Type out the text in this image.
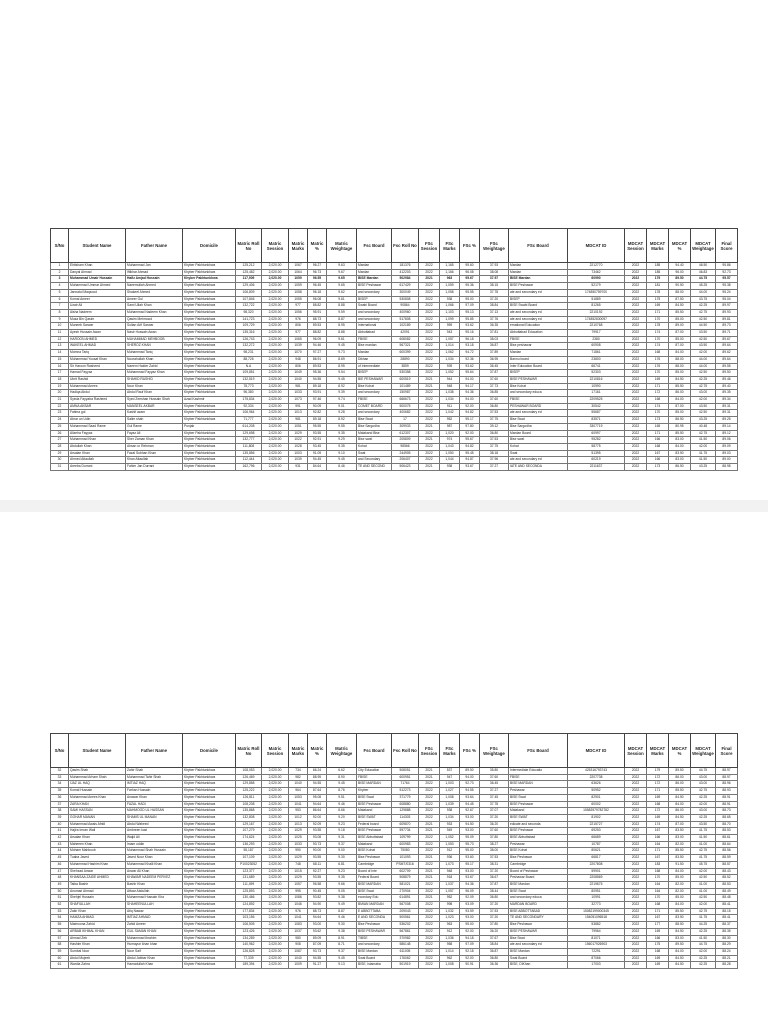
S/No	Student Name	Father Name	Domicile	Matric Roll No	Matric Session	Matric Marks	Matric %	Matric Weightage	Fsc Board	Fsc Roll No	FSc Session	FSc Marks	FSc %	FSc Weightage	FSc Board	MDCAT ID	MDCAT Session	MDCAT Marks	MDCAT %	MDCAT Weightage	Final Score
1	Ehtisham Khan	Muhammad Jan	Khyber Pakhtunkhwa	125,212	2,020.00	1067	96.27	9.63	Mardan	181376	2022	1,165	95.60	37.93	Mardan	2212770	2022	185	94.40	46.50	95.86
2	Danyal Ahmad	Iftikhar Ahmad	Khyber Pakhtunkhwa	125,482	2,020.00	1064	96.73	9.67	Mardan	412203	2022	1,166	96.08	38.08	Mardan	73462	2022	185	96.00	46.83	92.73
3	Muhammad Umair Hussain	Hafiz Amjad Hussain	Khyber Pakhtunkhwa	117,909	2,020.00	1059	96.55	9.65	BISE Mardan	502984	2021	963	95.67	37.97	BISE Mardan	60990	2022	179	89.50	44.75	95.57
4	Muhammad Ummar Ahmed	Naeemullah Ahmed	Khyber Pakhtunkhwa	129,406	2,020.00	1059	96.45	9.65	BISE Peshawar	617429	2022	1,059	95.36	38.15	BISE Peshawar	52179	2022	181	90.50	45.25	95.38
5	Jannatul Maqsood	Shakeel Ahmed	Khyber Pakhtunkhwa	106,809	2,020.00	1058	96.18	9.62	and secondary	300049	2022	1,058	95.55	37.78	ate and secondary ed	174850759700	2022	178	88.00	44.00	95.24
6	Komal Ameer	Ameer Gul	Khyber Pakhtunkhwa	107,846	2,020.00	1055	96.08	9.61	BISEP	530808	2022	938	95.00	37.20	BISEP	51889	2022	175	87.50	43.75	95.04
7	Uzair Ali	Sami Ullah Khan	Khyber Pakhtunkhwa	132,722	2,020.00	977	88.82	8.88	Swabi Board	90864	2022	1,066	97.09	38.84	BISE Swabi Board	81265	2022	169	84.50	42.25	89.97
8	Aisha Nadeem	Muhammad Nadeem Khan	Khyber Pakhtunkhwa	98,320	2,020.00	1056	95.91	9.59	and secondary	400960	2022	1,103	95.13	37.13	ate and secondary ed	2210192	2022	171	85.50	42.75	89.93
9	Musa Bin Qasim	Qasim Mehmood	Khyber Pakhtunkhwa	141,723	2,020.00	976	88.73	8.87	and secondary	517808	2022	1,099	95.85	37.76	ate and secondary ed	174852830097	2022	170	85.00	42.50	89.81
10	Muneeb Sarwar	Sultan Arif Sarwar	Khyber Pakhtunkhwa	109,729	2,020.00	806	89.53	8.95	International	102189	2022	959	93.62	36.35	ernational Education	2210768	2022	178	89.00	44.50	89.73
11	Ayesh Hussain Awan	Nasir Hussain Awan	Khyber Pakhtunkhwa	135,316	2,020.00	977	88.82	8.88	Abbottabad	42091	2022	943	95.16	37.81	Abbottabad Education	79917	2022	174	87.00	43.50	89.71
12	HAROON AHMED	MUHAMMAD MEHBOOB	Khyber Pakhtunkhwa	126,743	2,020.00	1065	96.09	9.61	FBISE	608082	2022	1,057	96.18	38.03	FBISE	2380	2022	170	85.00	42.50	89.67
13	WAKEEL AHMAD	SHEROZ KHAN	Khyber Pakhtunkhwa	132,272	2,020.00	1039	94.46	9.45	Bise mardan	567321	2022	1,014	93.18	36.87	Bise peshawar	60908	2022	174	87.00	43.50	89.64
14	Momna Tariq	Muhammad Tariq	Khyber Pakhtunkhwa	98,231	2,020.00	1070	97.27	9.73	Mardan	600399	2022	1,062	94.72	37.89	Mardan	71861	2022	168	84.00	42.00	89.62
15	Muhammad Yousaf Khan	Noorahullah Khan	Khyber Pakhtunkhwa	88,726	2,020.00	948	86.91	8.69	Dikhan	28890	2022	1,034	92.36	36.95	Bannu board	23800	2022	176	88.00	44.00	89.64
16	Sir Haroon Rasheed	Naeem Haider Zahid	Khyber Pakhtunkhwa	N.A	2,020.00	806	89.53	8.95	of Intermediate	3859	2022	939	93.62	36.45	Inter Education Board	66741	2022	176	88.00	44.00	89.55
17	Hamad Fayyaz	Muhammad Fayyaz Khan	Khyber Pakhtunkhwa	109,851	2,020.00	1049	95.36	9.54	BISEP	530358	2022	1,052	95.64	37.87	BISEP	52303	2022	170	85.00	42.50	89.50
18	Ubrit Rashid	SHAHID RASHID	Khyber Pakhtunkhwa	132,519	2,020.00	1040	94.55	9.45	BIE PESHAWAR	600519	2021	944	94.00	37.60	BISE PESHAWAR	2210816	2022	169	84.50	42.25	89.46
19	Muhammad Anees	Noor Khan	Khyber Pakhtunkhwa	78,773	2,020.00	981	89.18	8.92	Bise Kohat	101489	2021	948	94.17	37.73	Bise Kohat	10990	2022	171	85.50	42.75	89.40
20	Hadiqa Abdul	Abdul Rauf Khan	Khyber Pakhtunkhwa	96,380	2,020.00	1033	93.91	9.39	and secondary	150987	2022	1,038	94.36	36.85	and secondary educa	17161	2022	172	86.00	43.00	89.35
21	Syeda Fayyaba Rasheed	Syed Zeeshan Hussain Shah	Azad Kashmir	175,834	2,020.00	1073	97.46	9.74	FBISE	666673	2022	1,034	94.00	37.60	FBISE	2209525	2022	168	84.00	42.00	89.34
22	AMNA AKBAR	MANSEEL AKBAR	Khyber Pakhtunkhwa	92,334	2,020.00	991	90.09	9.01	COMET BOARD	500075	2022	911	92.00	36.80	PESHAWAR BOARD	30542	2022	174	87.00	43.50	89.31
23	Fatima gul	Kashif azam	Khyber Pakhtunkhwa	106,964	2,020.00	1013	92.82	9.28	and secondary	400682	2022	1,042	94.82	37.53	ate and secondary ed	55687	2022	170	85.00	42.50	89.31
24	Abrar un Udin	Salim shah	Khyber Pakhtunkhwa	71,777	2,020.00	981	89.18	8.92	Bise Swat	17	2022	952	95.17	37.75	Bise Swat	83571	2022	173	86.50	43.25	89.25
25	Muhammad Saad Rame	Gul Rame	Punjab	614,208	2,020.00	1051	95.55	9.55	Bise Sargodha	309933	2021	987	97.80	39.12	Bise Sargodha	3307719	2022	165	80.95	40.48	89.14
26	Alizeha Fayyaz	Fayaz Ali	Khyber Pakhtunkhwa	129,698	2,020.00	1029	93.55	9.35	Malakand Bise	612307	2022	1,020	92.00	36.80	Mardan Board	60997	2022	171	85.50	42.75	89.12
27	Muhammad Khan	Sher Zaman Khan	Khyber Pakhtunkhwa	132,777	2,020.00	1022	92.91	9.29	Bise swat	205809	2021	974	95.67	37.53	Bise swat	95282	2022	166	83.00	41.50	89.06
28	Abdullah Khan	Ahsan ur Rehman	Khyber Pakhtunkhwa	111,808	2,020.00	1028	93.45	9.35	Kohat	98566	2022	1,043	94.82	37.75	Kohat	58775	2022	168	84.00	42.00	89.09
29	Arsalan Khan	Fazal Subhan Khan	Khyber Pakhtunkhwa	135,856	2,020.00	1003	91.09	9.10	Swat	244905	2022	1,050	95.45	38.18	Swat	51395	2022	167	83.50	41.75	89.03
30	Ahmed Attaullah	Khan Attaullah	Khyber Pakhtunkhwa	112,444	2,020.00	1039	94.45	9.45	and Secondary	206407	2022	1,044	94.87	37.96	ate and secondary ed	60219	2022	166	83.00	41.50	89.00
31	Areeba Durrani	Fahim Jan Durrani	Khyber Pakhtunkhwa	162,796	2,020.00	931	84.64	8.46	TE AND SECOND	506423	2021	938	93.67	37.27	IATE AND SECONDA	2211637	2022	173	86.50	43.25	88.98
S/No	Student Name	Father Name	Domicile	Matric Roll No	Matric Session	Matric Marks	Matric %	Matric Weightage	Fsc Board	Fsc Roll No	FSc Session	FSc Marks	FSc %	FSc Weightage	FSc Board	MDCAT ID	MDCAT Session	MDCAT Marks	MDCAT %	MDCAT Weightage	Final Score
32	Qasim Shah	Zahir Shah	Khyber Pakhtunkhwa	108,053	2,020.00	734	66.24	6.62	City Education	508051	2021	537	89.50	35.80	Intermediate Educatio	425316793743	2022	179	89.50	44.75	88.97
33	Muhammad Arham Shah	Muhammad Tahir Shah	Khyber Pakhtunkhwa	126,469	2,020.00	982	88.95	8.90	FBISE	600951	2021	947	94.00	37.60	FBISE	2207738	2022	172	86.00	43.00	88.97
34	IJAZ UL HAQ	IMTIAZ HAQ	Khyber Pakhtunkhwa	129,858	2,020.00	1040	94.55	9.45	BISE MARDAN	71764	2022	1,003	92.73	36.45	BISE MARDAN	63626	2022	172	86.00	43.00	88.96
35	Komal Hussain	Farhan Hussain	Khyber Pakhtunkhwa	125,222	2,020.00	964	87.64	8.76	Khyber	512273	2022	1,027	94.55	37.27	Peshawar	50952	2022	171	85.50	42.75	88.93
36	Muhammad Anees Khan	Anawar Khan	Khyber Pakhtunkhwa	126,811	2,020.00	1053	95.08	9.51	BISE Swat	371779	2022	1,008	93.64	37.45	BISE Swat	82901	2022	169	84.50	42.25	88.91
37	ZARA KHAN	FAZAL HADI	Khyber Pakhtunkhwa	108,208	2,020.00	1041	94.64	9.46	BISE Peshawar	608880	2022	1,039	94.45	37.78	BISE Peshawar	60002	2022	168	84.00	42.00	88.91
38	SAMI HASSAN	MAHMOOD UL HASSAN	Khyber Pakhtunkhwa	135,868	2,020.00	953	86.64	8.66	Malakand	129888	2022	938	92.67	37.07	Malakand	15583979782782	2022	172	86.00	43.00	88.73
39	GOHAR MANAN	SHAMS UL MANAN	Khyber Pakhtunkhwa	132,808	2,020.00	1012	92.00	9.20	BISE SWAT	114303	2022	1,034	93.00	37.20	BISE SWAT	81902	2022	169	84.50	42.25	88.65
40	Muhammad Awais Afridi	Abdul Waheed	Khyber Pakhtunkhwa	129,167	2,020.00	1013	92.09	9.23	Federal board	609870	2021	933	94.50	36.20	edicate and seconda	2215727	2022	174	87.00	43.50	88.70
41	Hajira Imran Wali	Ambreen kazi	Khyber Pakhtunkhwa	107,279	2,020.00	1029	93.55	9.18	BISE Peshawar	597734	2021	949	93.00	37.60	BISE Peshawar	69253	2022	167	83.50	41.75	88.53
42	Arsalan Khan	Wajid Ali	Khyber Pakhtunkhwa	174,624	2,020.00	1025	93.08	9.31	BISE Abbottabad	109799	2022	1,052	95.09	37.80	BISE Abbottabad	66689	2022	166	83.00	41.50	88.61
43	Maheeen Khan	Imam uddin	Khyber Pakhtunkhwa	136,293	2,020.00	1033	93.73	9.37	Malakand	600983	2022	1,053	95.73	38.27	Peshawar	10787	2022	164	82.00	41.00	88.64
44	Moham Mahboob	Muhammad Shah Hussain	Khyber Pakhtunkhwa	55,187	2,020.00	990	90.00	9.00	BISE Kohat	75080	2022	912	95.00	38.00	BISE Kohat	80621	2022	171	85.50	42.75	88.56
45	Tuaba Javed	Javed Noor Khan	Khyber Pakhtunkhwa	107,109	2,020.00	1029	93.55	9.30	Bise Peshawar	101093	2021	936	93.60	37.53	Bise Peshawar	66817	2022	167	83.50	41.75	88.59
46	Muhammad Hashim Khan	Muhammad Khalil Khan	Khyber Pakhtunkhwa	P10023052	2,020.00	748	68.11	6.81	Cambridge	PSMT/0316	2022	1,073	95.17	38.31	Cambridge	2207808	2022	183	91.50	45.75	88.57
47	Shehzad Anwar	Anwar Ali Khan	Khyber Pakhtunkhwa	123,377	2,020.00	1015	92.27	9.23	Board of Inte	602709	2021	948	93.00	37.20	Board of Peshawar	59901	2022	168	84.00	42.00	88.43
48	KHANSAA ZAIDE AHMED	KHAWAR NADEEM PERVEZ	Khyber Pakhtunkhwa	131,689	2,020.00	1029	93.55	9.35	Federal Board	508879	2021	918	93.67	36.67	Peshawar Board	2208569	2022	170	85.00	42.50	88.52
49	Taiba Bashir	Bashir Khan	Khyber Pakhtunkhwa	111,499	2,020.00	1057	96.58	9.66	BISE MARDAN	581021	2022	1,037	94.36	37.87	BISE Mardan	2219675	2022	164	82.00	41.00	88.53
50	Anumari Ahmad	Aftaar Abdullah	Khyber Pakhtunkhwa	125,893	2,020.00	995	90.45	9.05	BISE Swat	270904	2022	1,057	96.09	38.44	BISE Swat	80951	2022	164	82.00	41.00	88.49
51	Shehjel Hussain	Muhammad Hussain Kha	Khyber Pakhtunkhwa	130,466	2,020.00	1086	93.82	9.38	econdary Edu	614891	2021	952	92.09	36.80	and secondary educa	10991	2022	170	85.00	42.50	88.48
52	SHAFIULLAH	SHAHEENULLAH	Khyber Pakhtunkhwa	124,892	2,020.00	1046	94.90	9.49	BMIAN MARDAN	567008	2022	998	93.09	37.20	MARDAN BOARD	32773	2022	168	84.00	42.00	88.41
53	Zakir Khan	Atiq Nawaz	Khyber Pakhtunkhwa	177,834	2,020.00	976	88.73	8.87	E ABBOTTABA	209043	2022	1,032	93.59	37.53	BISE ABBOTTABAD	15082199000345	2022	171	85.50	42.75	88.15
54	HAMZA AHMAD	IMTIAZ AHMAD	Khyber Pakhtunkhwa	103,156	2,020.00	1041	94.64	9.46	E AND SECONDA	500561	2022	1,023	93.00	37.20	TE AND SECONDARY	154051096518	2022	167	83.50	41.75	88.41
55	Maimoona Zahid	Zahid Ameer	Khyber Pakhtunkhwa	106,505	2,020.00	1083	93.00	9.30	Bise Peshawar	536202	2022	963	95.00	37.80	Bise Peshawar	53882	2022	177	88.50	44.25	88.37
56	ARBAB IKHMAL KHAN	GUL SAMAN KHAN	Khyber Pakhtunkhwa	123,426	2,020.00	1037	93.62	9.38	BISE PESHAWAR	567861	2022	912	92.00	36.20	BISE PESHAWAR	79964	2022	169	84.50	42.25	88.35
57	Ahmad Zeb	Muhammad Ibrahim	Khyber Pakhtunkhwa	134,289	2,020.00	980	89.09	8.91	TIBSE	370982	2022	1,036	94.18	37.67	Bise Swat	81071	2022	166	83.00	41.50	88.30
58	Hashim Khan	Humayun khan khan	Khyber Pakhtunkhwa	140,962	2,020.00	908	87.09	8.71	and secondary	586148	2022	958	97.09	38.84	ate and secondary ed	156017926903	2022	175	89.50	44.75	88.29
59	Sumbal Noor	Noor Saif	Khyber Pakhtunkhwa	126,828	2,020.00	1087	93.73	9.37	BISE Mardan	611005	2022	1,014	92.18	36.87	BISE Mardan	72291	2022	168	84.00	42.00	88.24
60	Abdul Mujeeb	Abdul Jabbar Khan	Khyber Pakhtunkhwa	77,339	2,020.00	1040	94.55	9.45	Swat Board	176062	2022	962	92.00	36.80	Swat Board	87066	2022	169	84.50	42.25	88.21
61	Wardia Zahra	Hamadullah Khan	Khyber Pakhtunkhwa	189,394	2,020.00	1009	91.27	9.13	BISE, Islamaba	501919	2022	1,008	90.91	36.36	BISE, DIKhan	17003	2022	169	84.50	42.25	88.28
